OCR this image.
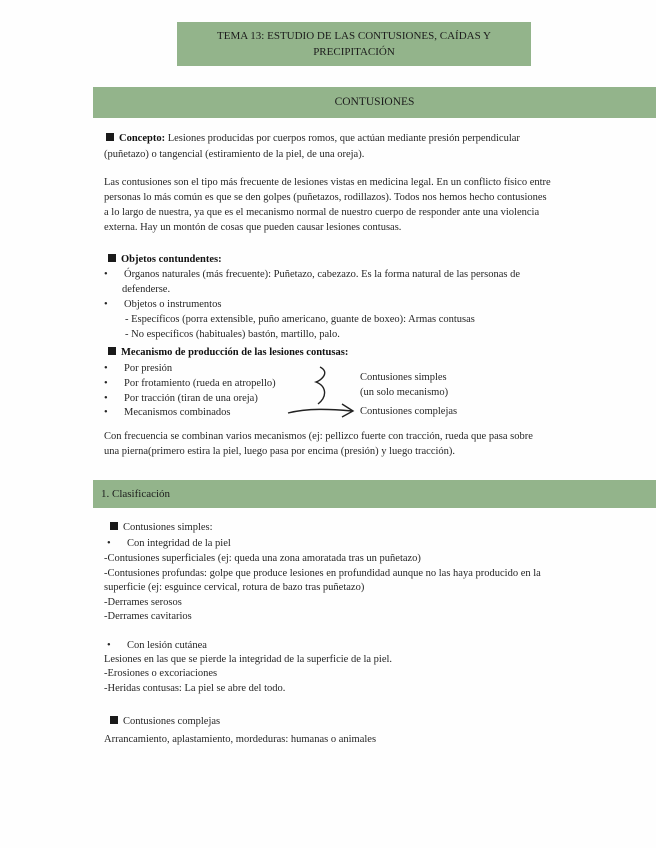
TEMA 13: ESTUDIO DE LAS CONTUSIONES, CAÍDAS Y
PRECIPITACIÓN
CONTUSIONES
Concepto: Lesiones producidas por cuerpos romos, que actúan mediante presión perpendicular
(puñetazo) o tangencial (estiramiento de la piel, de una oreja).
Las contusiones son el tipo más frecuente de lesiones vistas en medicina legal. En un conflicto físico entre
personas lo más común es que se den golpes (puñetazos, rodillazos). Todos nos hemos hecho contusiones
a lo largo de nuestra, ya que es el mecanismo normal de nuestro cuerpo de responder ante una violencia
externa. Hay un montón de cosas que pueden causar lesiones contusas.
Objetos contundentes:
• Órganos naturales (más frecuente): Puñetazo, cabezazo. Es la forma natural de las personas de
defenderse.
• Objetos o instrumentos
- Específicos (porra extensible, puño americano, guante de boxeo): Armas contusas
- No específicos (habituales) bastón, martillo, palo.
Mecanismo de producción de las lesiones contusas:
• Por presión
• Por frotamiento (rueda en atropello)
• Por tracción (tiran de una oreja)
• Mecanismos combinados
Contusiones simples
(un solo mecanismo)
Contusiones complejas
Con frecuencia se combinan varios mecanismos (ej: pellizco fuerte con tracción, rueda que pasa sobre
una pierna(primero estira la piel, luego pasa por encima (presión) y luego tracción).
1. Clasificación
Contusiones simples:
• Con integridad de la piel
-Contusiones superficiales (ej: queda una zona amoratada tras un puñetazo)
-Contusiones profundas: golpe que produce lesiones en profundidad aunque no las haya producido en la
superficie (ej: esguince cervical, rotura de bazo tras puñetazo)
-Derrames serosos
-Derrames cavitarios
• Con lesión cutánea
Lesiones en las que se pierde la integridad de la superficie de la piel.
-Erosiones o excoriaciones
-Heridas contusas: La piel se abre del todo.
Contusiones complejas
Arrancamiento, aplastamiento, mordeduras: humanas o animales
